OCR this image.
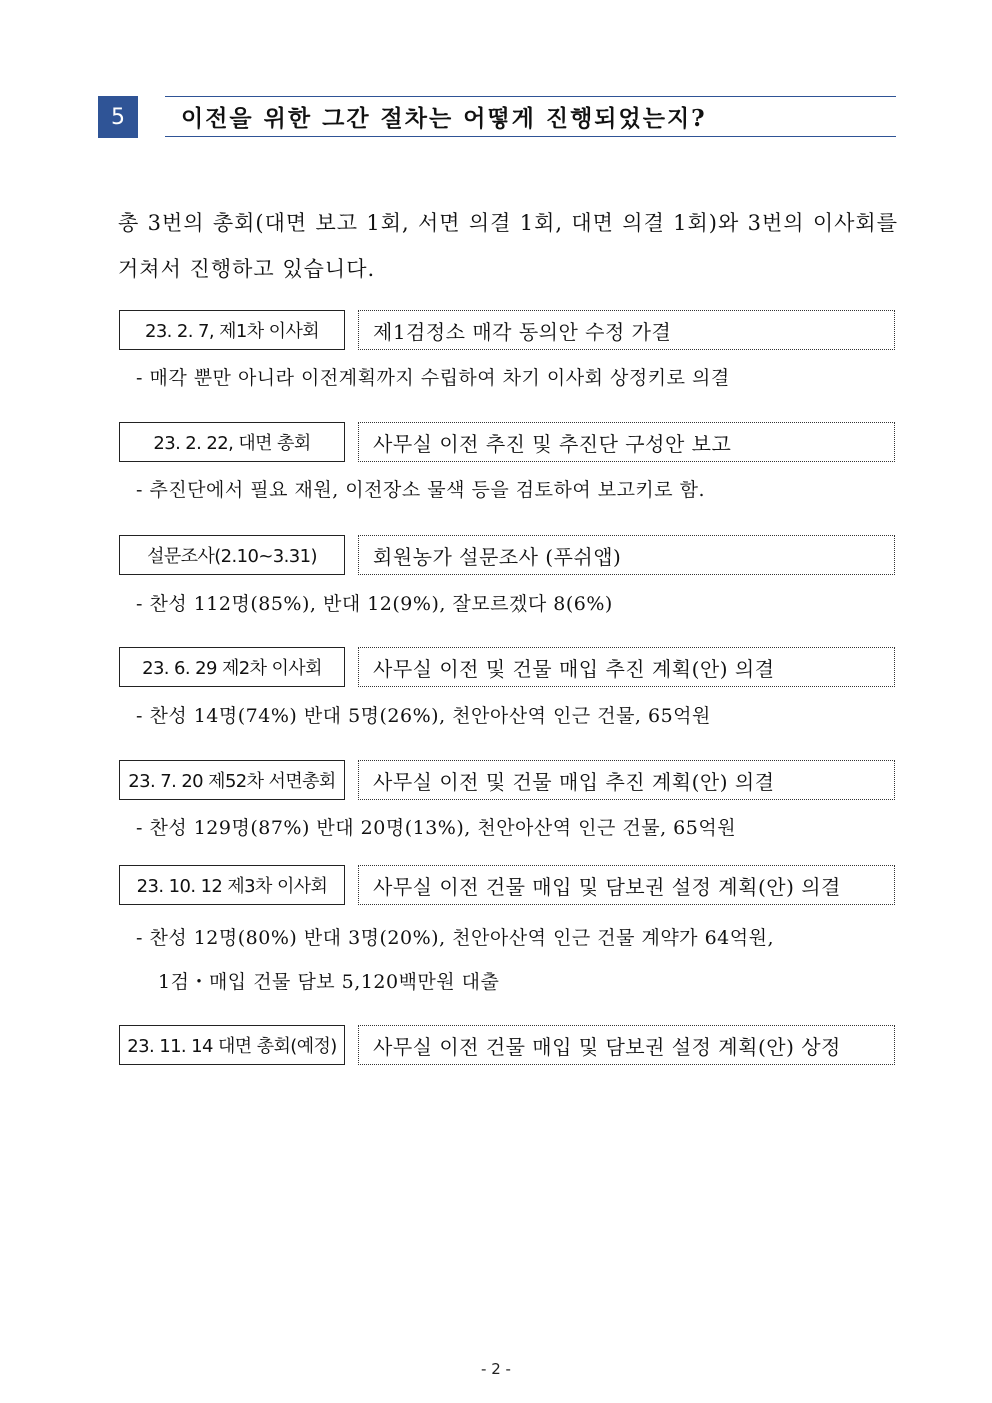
5	이전을 위한 그간 절차는 어떻게 진행되었는지?
총 3번의 총회(대면 보고 1회, 서면 의결 1회, 대면 의결 1회)와 3번의 이사회를 거쳐서 진행하고 있습니다.
23. 2. 7, 제1차 이사회	제1검정소 매각 동의안 수정 가결
- 매각 뿐만 아니라 이전계획까지 수립하여 차기 이사회 상정키로 의결
23. 2. 22, 대면 총회	사무실 이전 추진 및 추진단 구성안 보고
- 추진단에서 필요 재원, 이전장소 물색 등을 검토하여 보고키로 함.
설문조사(2.10~3.31)	회원농가 설문조사 (푸쉬앱)
- 찬성 112명(85%), 반대 12(9%), 잘모르겠다 8(6%)
23. 6. 29 제2차 이사회	사무실 이전 및 건물 매입 추진 계획(안) 의결
- 찬성 14명(74%) 반대 5명(26%), 천안아산역 인근 건물, 65억원
23. 7. 20 제52차 서면총회	사무실 이전 및 건물 매입 추진 계획(안) 의결
- 찬성 129명(87%) 반대 20명(13%), 천안아산역 인근 건물, 65억원
23. 10. 12 제3차 이사회	사무실 이전 건물 매입 및 담보권 설정 계획(안) 의결
- 찬성 12명(80%) 반대 3명(20%), 천안아산역 인근 건물 계약가 64억원,
1검・매입 건물 담보 5,120백만원 대출
23. 11. 14 대면 총회(예정)	사무실 이전 건물 매입 및 담보권 설정 계획(안) 상정
- 2 -
